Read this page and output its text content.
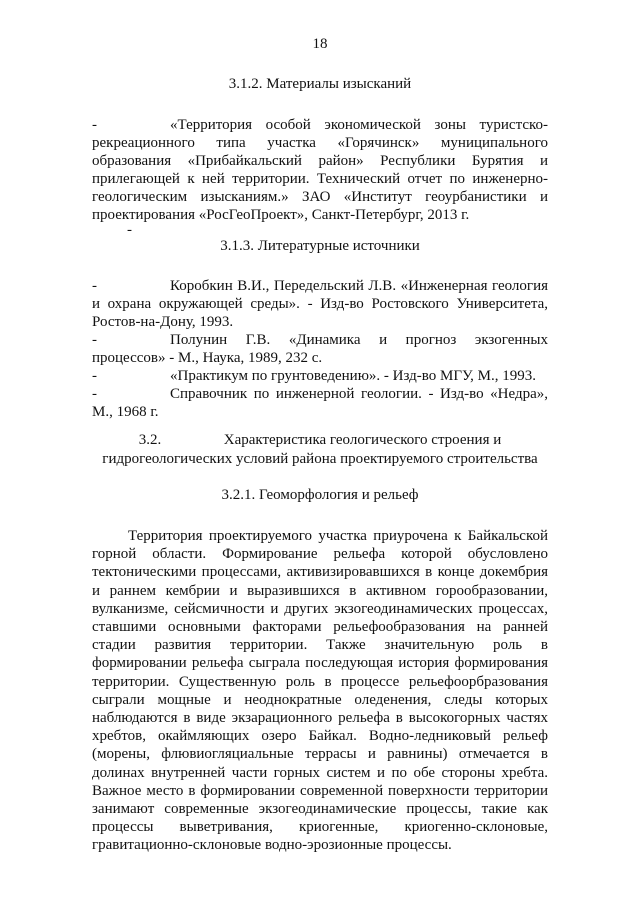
18
3.1.2. Материалы изысканий

-	«Территория особой экономической зоны туристско-рекреационного типа участка «Горячинск» муниципального образования «Прибайкальский район» Республики Бурятия и прилегающей к ней территории. Технический отчет по инженерно-геологическим изысканиям.» ЗАО «Институт геоурбанистики и проектирования «РосГеоПроект», Санкт-Петербург, 2013 г.

-
3.1.3. Литературные источники

-	Коробкин В.И., Передельский Л.В. «Инженерная геология и охрана окружающей среды». - Изд-во Ростовского Университета, Ростов-на-Дону, 1993.

-	Полунин Г.В. «Динамика и прогноз экзогенных процессов» - М., Наука, 1989, 232 с.

-	«Практикум по грунтоведению». - Изд-во МГУ, М., 1993.

-	Справочник по инженерной геологии. - Изд-во «Недра», М., 1968 г.

3.2.	Характеристика геологического строения и
гидрогеологических условий района проектируемого строительства
3.2.1. Геоморфология и рельеф

Территория проектируемого участка приурочена к Байкальской горной области. Формирование рельефа которой обусловлено тектоническими процессами, активизировавшихся в конце докембрия и раннем кембрии и выразившихся в активном горообразовании, вулканизме, сейсмичности и других экзогеодинамических процессах, ставшими основными факторами рельефообразования на ранней стадии развития территории. Также значительную роль в формировании рельефа сыграла последующая история формирования территории. Существенную роль в процессе рельефоорбразования сыграли мощные и неоднократные оледенения, следы которых наблюдаются в виде экзарационного рельефа в высокогорных частях хребтов, окаймляющих озеро Байкал. Водно-ледниковый рельеф (морены, флювиогляциальные террасы и равнины) отмечается в долинах внутренней части горных систем и по обе стороны хребта. Важное место в формировании современной поверхности территории занимают современные экзогеодинамические процессы, такие как процессы выветривания, криогенные, криогенно-склоновые, гравитационно-склоновые водно-эрозионные процессы.
